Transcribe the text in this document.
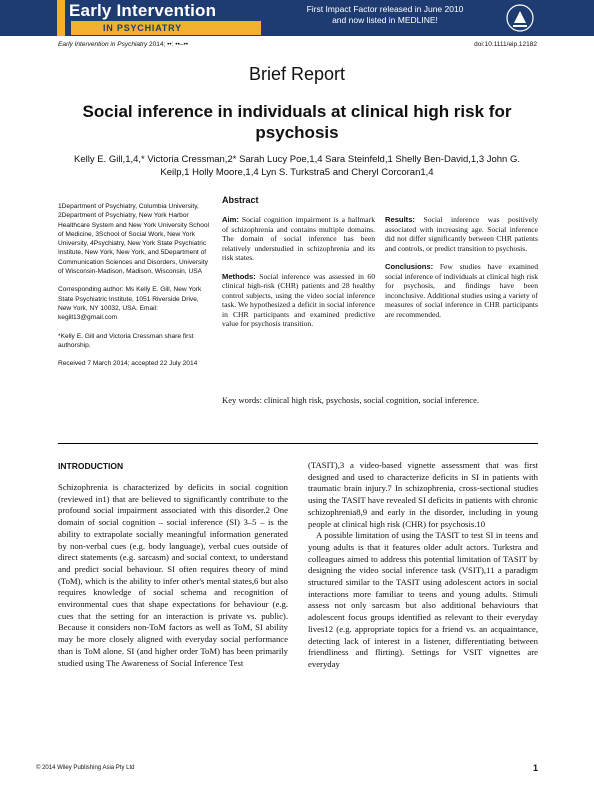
Early Intervention
IN PSYCHIATRY
First Impact Factor released in June 2010
and now listed in MEDLINE!
Early Intervention in Psychiatry 2014; ••: ••–••	doi:10.1111/eip.12182
Brief Report
Social inference in individuals at clinical high risk for psychosis
Kelly E. Gill,1,4,* Victoria Cressman,2* Sarah Lucy Poe,1,4 Sara Steinfeld,1 Shelly Ben-David,1,3 John G. Keilp,1 Holly Moore,1,4 Lyn S. Turkstra5 and Cheryl Corcoran1,4

1Department of Psychiatry, Columbia University, 2Department of Psychiatry, New York Harbor Healthcare System and New York University School of Medicine, 3School of Social Work, New York University, 4Psychiatry, New York State Psychiatric Institute, New York, New York, and 5Department of Communication Sciences and Disorders, University of Wisconsin-Madison, Madison, Wisconsin, USA

Corresponding author: Ms Kelly E. Gill, New York State Psychiatric Institute, 1051 Riverside Drive, New York, NY 10032, USA. Email: kegill13@gmail.com

*Kelly E. Gill and Victoria Cressman share first authorship.

Received 7 March 2014; accepted 22 July 2014

Abstract

Aim: Social cognition impairment is a hallmark of schizophrenia and contains multiple domains. The domain of social inference has been relatively understudied in schizophrenia and its risk states.

Methods: Social inference was assessed in 60 clinical high-risk (CHR) patients and 28 healthy control subjects, using the video social inference task. We hypothesized a deficit in social inference in CHR participants and examined predictive value for psychosis transition.

Results: Social inference was positively associated with increasing age. Social inference did not differ significantly between CHR patients and controls, or predict transition to psychosis.

Conclusions: Few studies have examined social inference of individuals at clinical high risk for psychosis, and findings have been inconclusive. Additional studies using a variety of measures of social inference in CHR participants are recommended.

Key words: clinical high risk, psychosis, social cognition, social inference.
INTRODUCTION

Schizophrenia is characterized by deficits in social cognition (reviewed in1) that are believed to significantly contribute to the profound social impairment associated with this disorder.2 One domain of social cognition – social inference (SI) 3–5 – is the ability to extrapolate socially meaningful information generated by non-verbal cues (e.g. body language), verbal cues outside of direct statements (e.g. sarcasm) and social context, to understand and predict social behaviour. SI often requires theory of mind (ToM), which is the ability to infer other's mental states,6 but also requires knowledge of social schema and recognition of environmental cues that shape expectations for behaviour (e.g. cues that the setting for an interaction is private vs. public). Because it considers non-ToM factors as well as ToM, SI ability may be more closely aligned with everyday social performance than is ToM alone. SI (and higher order ToM) has been primarily studied using The Awareness of Social Inference Test

(TASIT),3 a video-based vignette assessment that was first designed and used to characterize deficits in SI in patients with traumatic brain injury.7 In schizophrenia, cross-sectional studies using the TASIT have revealed SI deficits in patients with chronic schizophrenia8,9 and early in the disorder, including in young people at clinical high risk (CHR) for psychosis.10

A possible limitation of using the TASIT to test SI in teens and young adults is that it features older adult actors. Turkstra and colleagues aimed to address this potential limitation of TASIT by designing the video social inference task (VSIT),11 a paradigm structured similar to the TASIT using adolescent actors in social interactions more familiar to teens and young adults. Stimuli assess not only sarcasm but also additional behaviours that adolescent focus groups identified as relevant to their everyday lives12 (e.g. appropriate topics for a friend vs. an acquaintance, detecting lack of interest in a listener, differentiating between friendliness and flirting). Settings for VSIT vignettes are everyday

© 2014 Wiley Publishing Asia Pty Ltd	1
